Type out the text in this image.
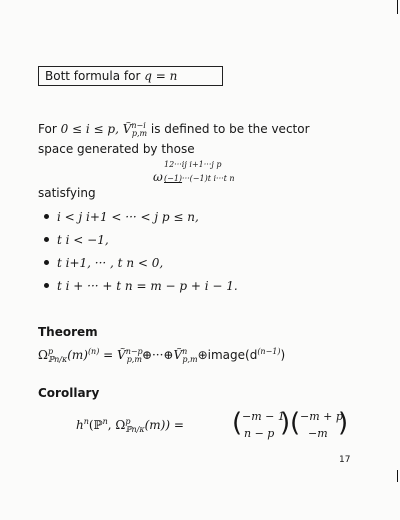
Bott formula for q = n
For 0 ≤ i ≤ p, Ṽ$^{n-i}_{p,m}$ is defined to be the vector
space generated by those
ω
12···ij i+1···j p
(−1)···(−1)t i···t n
satisfying
i < j i+1 < ··· < j p ≤ n,
t i < −1,
t i+1, ··· , t n < 0,
t i + ··· + t n = m − p + i − 1.
Theorem
$\Omega^p_{ℙn/\kappa}(m)^{(n)}$ = $Ṽ^{n-p}_{p,m}\oplus\cdot\cdot\cdot\oplus Ṽ^n_{p,m}\oplus image(d^{(n-1)})$
Corollary
$h^n(ℙ^n$, $\Omega^p_{ℙn/\kappa}(m)$) = ( −m − 1
n − p ) ( −m + p
−m )
17
